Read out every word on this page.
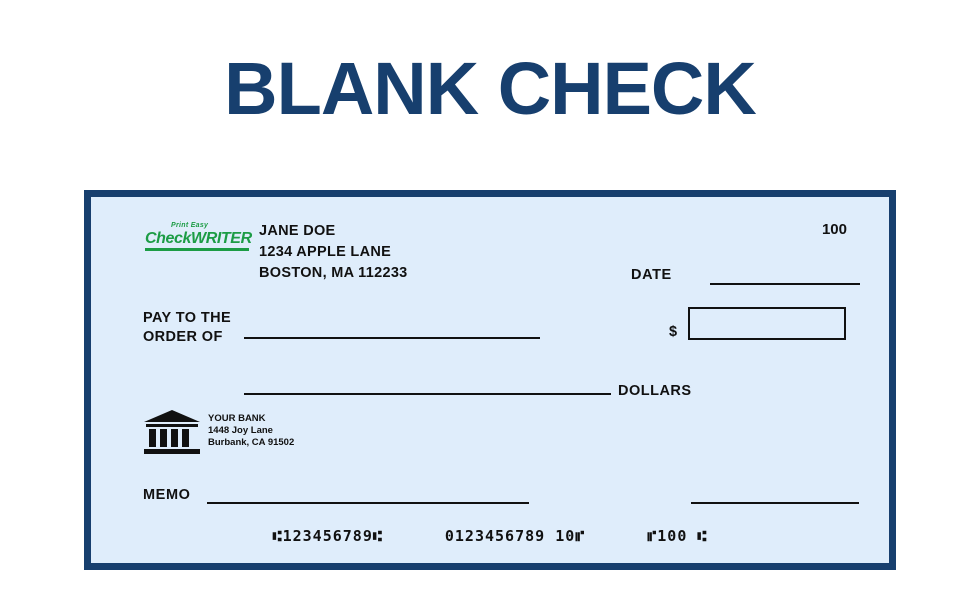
BLANK CHECK
Print Easy
CheckWRITER JANE DOE
1234 APPLE LANE
BOSTON, MA 112233
100
DATE
PAY TO THE
ORDER OF	$
DOLLARS
YOUR BANK
1448 Joy Lane
Burbank, CA 91502
MEMO
⑆123456789⑆	0123456789 10⑈	⑈100 ⑆
